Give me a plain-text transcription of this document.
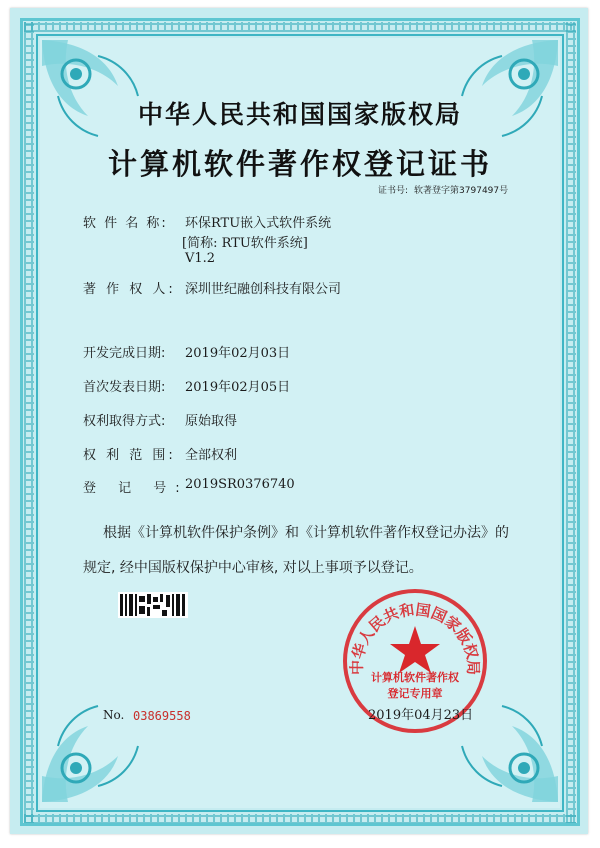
中华人民共和国国家版权局
计算机软件著作权登记证书
证书号: 软著登字第3797497号
软 件 名 称: 环保RTU嵌入式软件系统
[简称: RTU软件系统]
V1.2
著 作 权 人: 深圳世纪融创科技有限公司
开发完成日期: 2019年02月03日
首次发表日期: 2019年02月05日
权利取得方式: 原始取得
权 利 范 围: 全部权利
登 记 号:
2019SR0376740
根据《计算机软件保护条例》和《计算机软件著作权登记办法》的
规定, 经中国版权保护中心审核, 对以上事项予以登记。
中华人民共和国国家版权局
计算机软件著作权
登记专用章
No. 03869558	2019年04月23日
